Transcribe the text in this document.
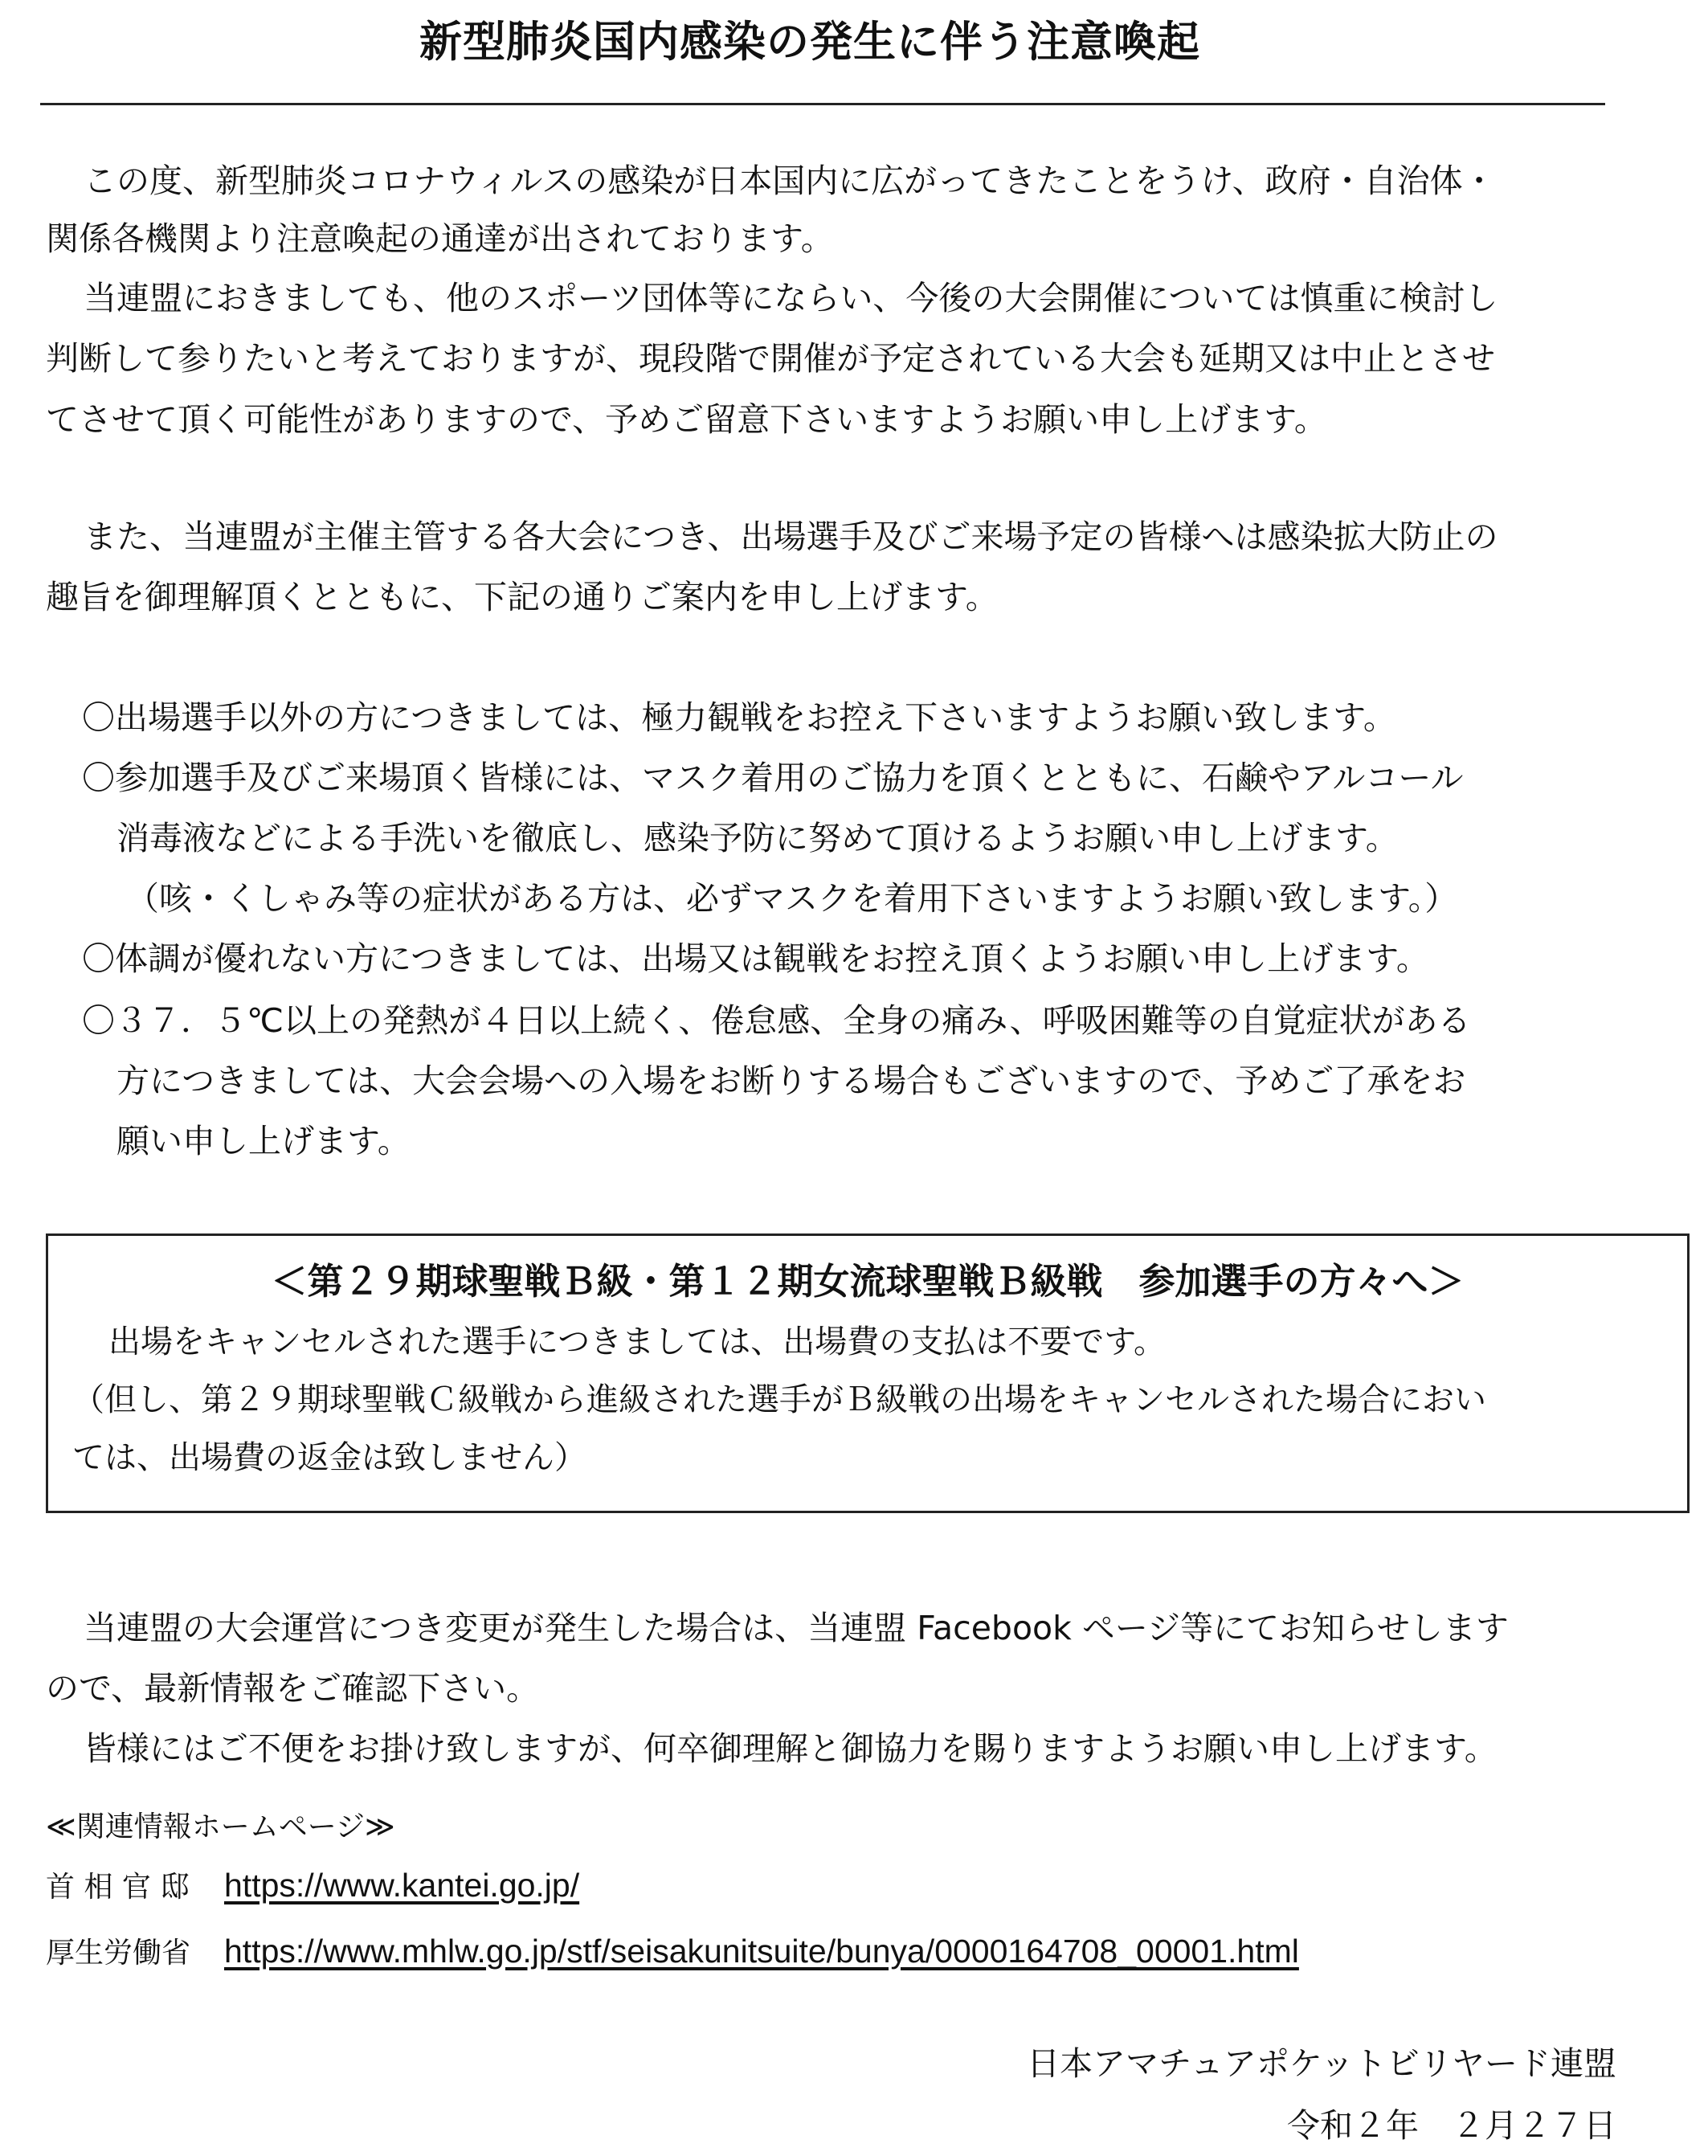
新型肺炎国内感染の発生に伴う注意喚起
この度、新型肺炎コロナウィルスの感染が日本国内に広がってきたことをうけ、政府・自治体・
関係各機関より注意喚起の通達が出されております。
当連盟におきましても、他のスポーツ団体等にならい、今後の大会開催については慎重に検討し
判断して参りたいと考えておりますが、現段階で開催が予定されている大会も延期又は中止とさせ
てさせて頂く可能性がありますので、予めご留意下さいますようお願い申し上げます。
また、当連盟が主催主管する各大会につき、出場選手及びご来場予定の皆様へは感染拡大防止の
趣旨を御理解頂くとともに、下記の通りご案内を申し上げます。
〇出場選手以外の方につきましては、極力観戦をお控え下さいますようお願い致します。
〇参加選手及びご来場頂く皆様には、マスク着用のご協力を頂くとともに、石鹸やアルコール
消毒液などによる手洗いを徹底し、感染予防に努めて頂けるようお願い申し上げます。
（咳・くしゃみ等の症状がある方は、必ずマスクを着用下さいますようお願い致します。）
〇体調が優れない方につきましては、出場又は観戦をお控え頂くようお願い申し上げます。
〇３７．５℃以上の発熱が４日以上続く、倦怠感、全身の痛み、呼吸困難等の自覚症状がある
方につきましては、大会会場への入場をお断りする場合もございますので、予めご了承をお
願い申し上げます。
＜第２９期球聖戦Ｂ級・第１２期女流球聖戦Ｂ級戦　参加選手の方々へ＞
出場をキャンセルされた選手につきましては、出場費の支払は不要です。
（但し、第２９期球聖戦Ｃ級戦から進級された選手がＢ級戦の出場をキャンセルされた場合におい
ては、出場費の返金は致しません）
当連盟の大会運営につき変更が発生した場合は、当連盟 Facebook ページ等にてお知らせします
ので、最新情報をご確認下さい。
皆様にはご不便をお掛け致しますが、何卒御理解と御協力を賜りますようお願い申し上げます。
≪関連情報ホームページ≫
首 相 官 邸 https://www.kantei.go.jp/
厚生労働省 https://www.mhlw.go.jp/stf/seisakunitsuite/bunya/0000164708_00001.html
日本アマチュアポケットビリヤード連盟
令和２年　２月２７日
